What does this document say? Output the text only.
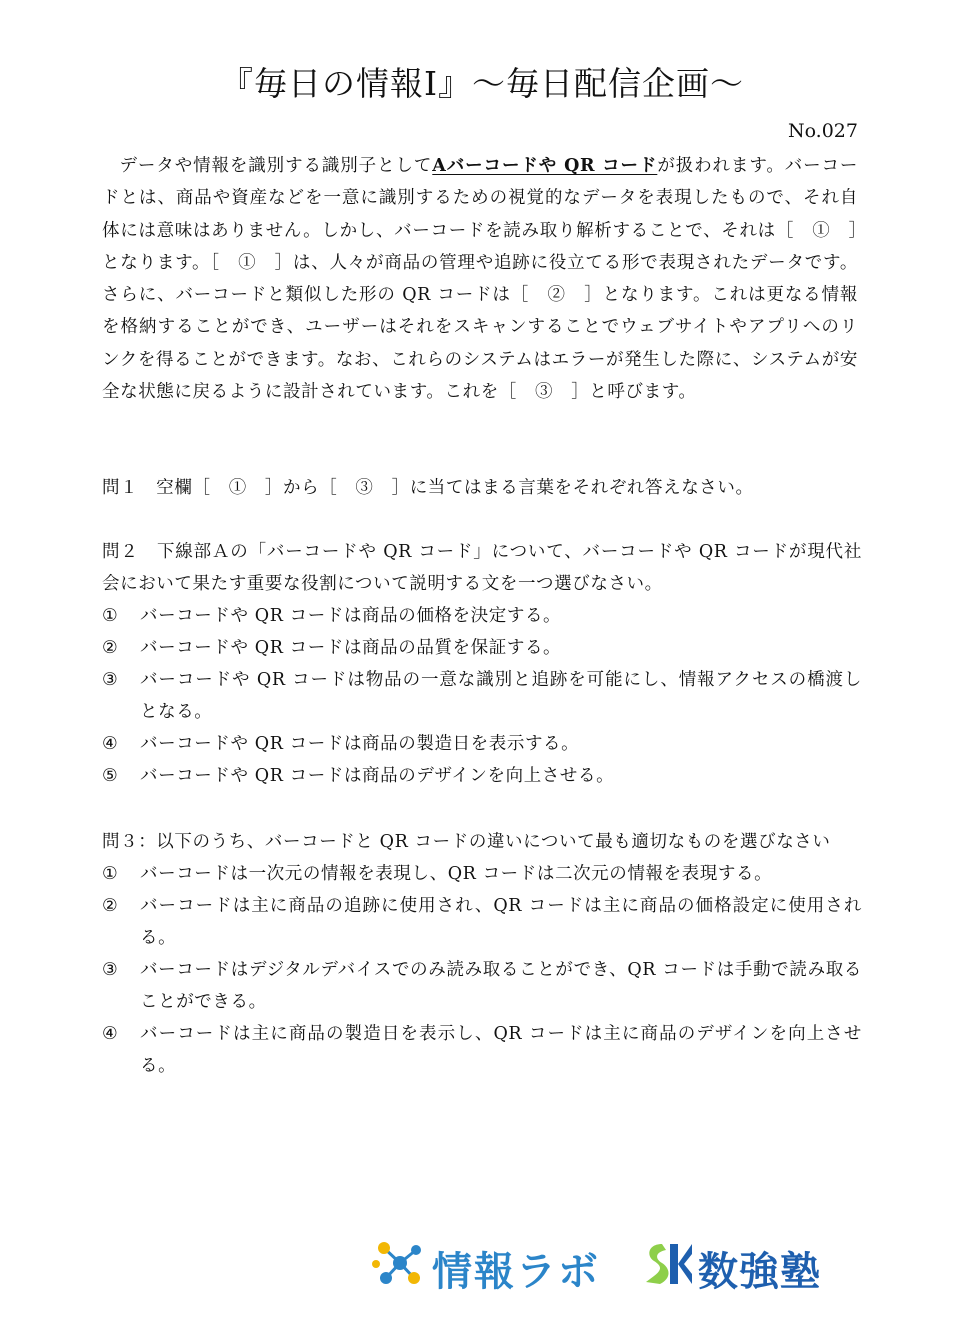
『毎日の情報Ⅰ』〜毎日配信企画〜
No.027
データや情報を識別する識別子としてAバーコードや QR コードが扱われます。バーコードとは、商品や資産などを一意に識別するための視覚的なデータを表現したもので、それ自体には意味はありません。しかし、バーコードを読み取り解析することで、それは［　①　］となります。［　①　］は、人々が商品の管理や追跡に役立てる形で表現されたデータです。さらに、バーコードと類似した形の QR コードは［　②　］となります。これは更なる情報を格納することができ、ユーザーはそれをスキャンすることでウェブサイトやアプリへのリンクを得ることができます。なお、これらのシステムはエラーが発生した際に、システムが安全な状態に戻るように設計されています。これを［　③　］と呼びます。
問１　空欄［　①　］から［　③　］に当てはまる言葉をそれぞれ答えなさい。
問２　下線部Ａの「バーコードや QR コード」について、バーコードや QR コードが現代社会において果たす重要な役割について説明する文を一つ選びなさい。
①	バーコードや QR コードは商品の価格を決定する。
②	バーコードや QR コードは商品の品質を保証する。
③	バーコードや QR コードは物品の一意な識別と追跡を可能にし、情報アクセスの橋渡しとなる。
④	バーコードや QR コードは商品の製造日を表示する。
⑤	バーコードや QR コードは商品のデザインを向上させる。
問３：以下のうち、バーコードと QR コードの違いについて最も適切なものを選びなさい
①	バーコードは一次元の情報を表現し、QR コードは二次元の情報を表現する。
②	バーコードは主に商品の追跡に使用され、QR コードは主に商品の価格設定に使用される。
③	バーコードはデジタルデバイスでのみ読み取ることができ、QR コードは手動で読み取ることができる。
④	バーコードは主に商品の製造日を表示し、QR コードは主に商品のデザインを向上させる。
情報ラボ 数強塾
